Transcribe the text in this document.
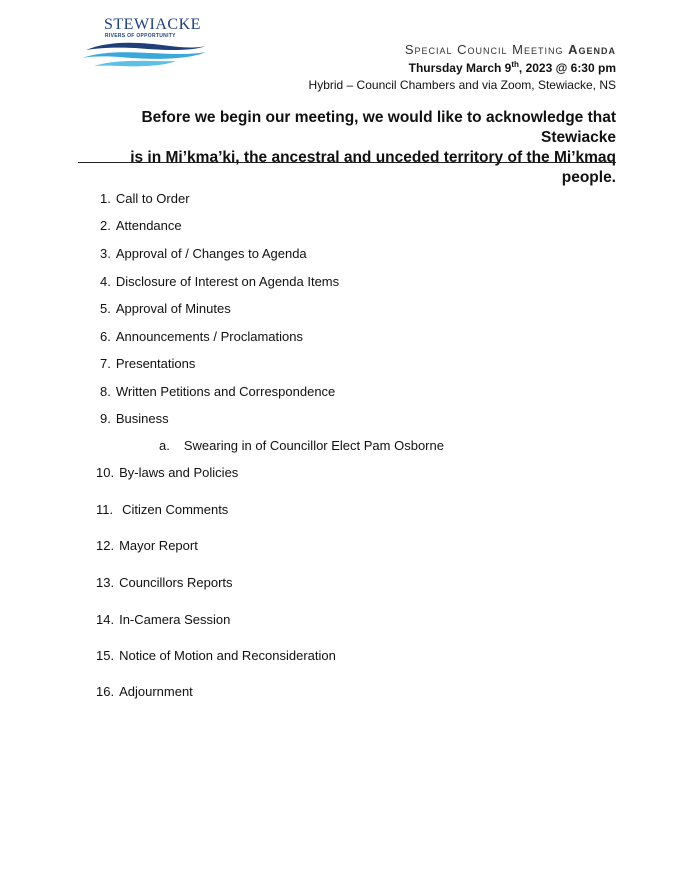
STEWIACKE
RIVERS OF OPPORTUNITY
Special Council Meeting Agenda
Thursday March 9th, 2023 @ 6:30 pm
Hybrid – Council Chambers and via Zoom, Stewiacke, NS
Before we begin our meeting, we would like to acknowledge that Stewiacke
is in Mi’kma’ki, the ancestral and unceded territory of the Mi’kmaq people.
1. Call to Order
2. Attendance
3. Approval of / Changes to Agenda
4. Disclosure of Interest on Agenda Items
5. Approval of Minutes
6. Announcements / Proclamations
7. Presentations
8. Written Petitions and Correspondence
9. Business
a. Swearing in of Councillor Elect Pam Osborne
10. By-laws and Policies
11. Citizen Comments
12. Mayor Report
13. Councillors Reports
14. In-Camera Session
15. Notice of Motion and Reconsideration
16. Adjournment
